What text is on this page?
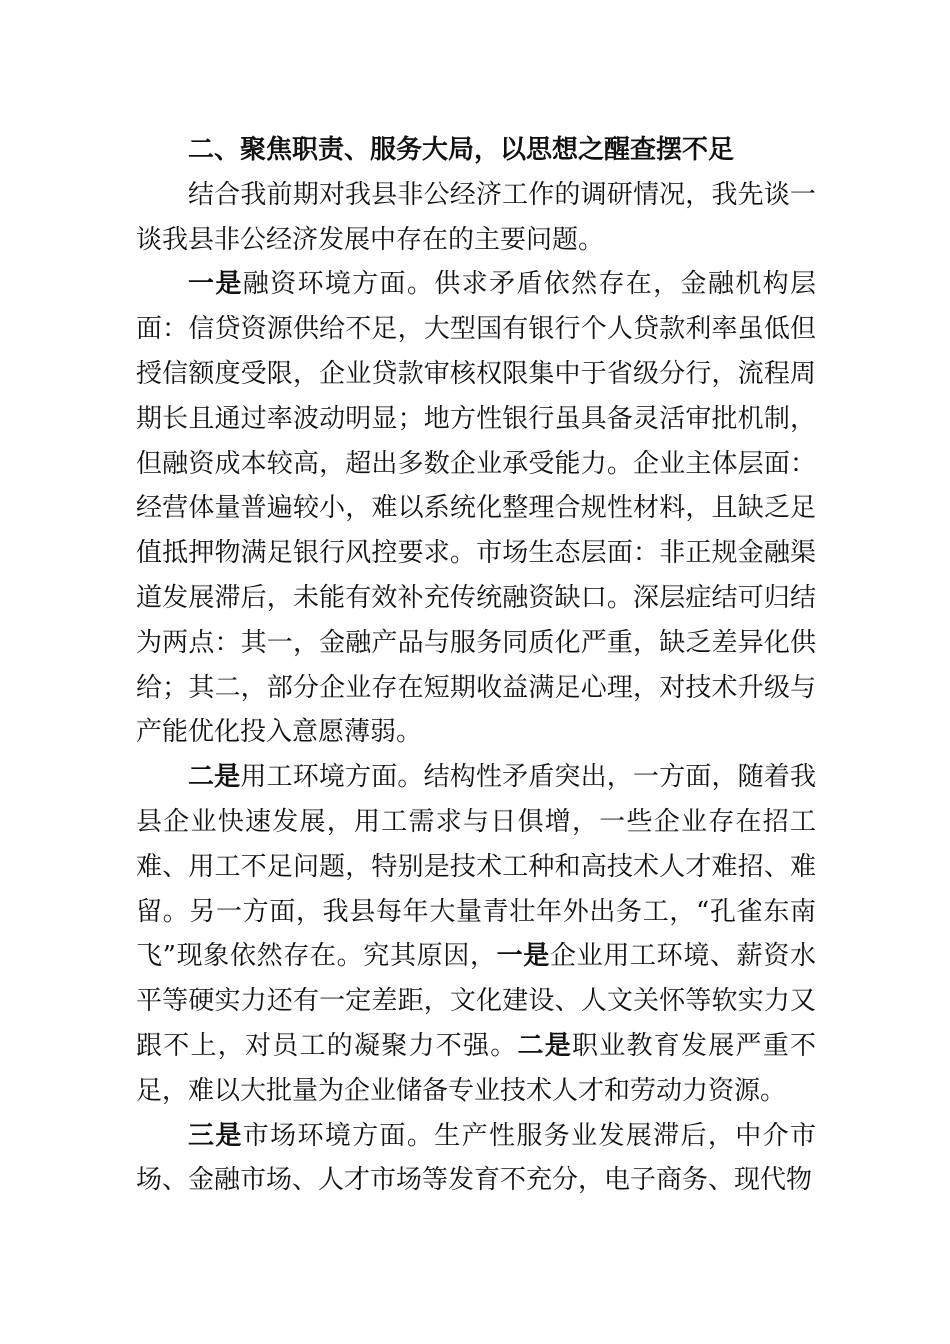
二、聚焦职责、服务大局，以思想之醒查摆不足

结合我前期对我县非公经济工作的调研情况，我先谈一谈我县非公经济发展中存在的主要问题。

一是融资环境方面。供求矛盾依然存在，金融机构层面：信贷资源供给不足，大型国有银行个人贷款利率虽低但授信额度受限，企业贷款审核权限集中于省级分行，流程周期长且通过率波动明显；地方性银行虽具备灵活审批机制，但融资成本较高，超出多数企业承受能力。企业主体层面：经营体量普遍较小，难以系统化整理合规性材料，且缺乏足值抵押物满足银行风控要求。市场生态层面：非正规金融渠道发展滞后，未能有效补充传统融资缺口。深层症结可归结为两点：其一，金融产品与服务同质化严重，缺乏差异化供给；其二，部分企业存在短期收益满足心理，对技术升级与产能优化投入意愿薄弱。

二是用工环境方面。结构性矛盾突出，一方面，随着我县企业快速发展，用工需求与日俱增，一些企业存在招工难、用工不足问题，特别是技术工种和高技术人才难招、难留。另一方面，我县每年大量青壮年外出务工，“孔雀东南飞”现象依然存在。究其原因，一是企业用工环境、薪资水平等硬实力还有一定差距，文化建设、人文关怀等软实力又跟不上，对员工的凝聚力不强。二是职业教育发展严重不足，难以大批量为企业储备专业技术人才和劳动力资源。

三是市场环境方面。生产性服务业发展滞后，中介市场、金融市场、人才市场等发育不充分，电子商务、现代物
